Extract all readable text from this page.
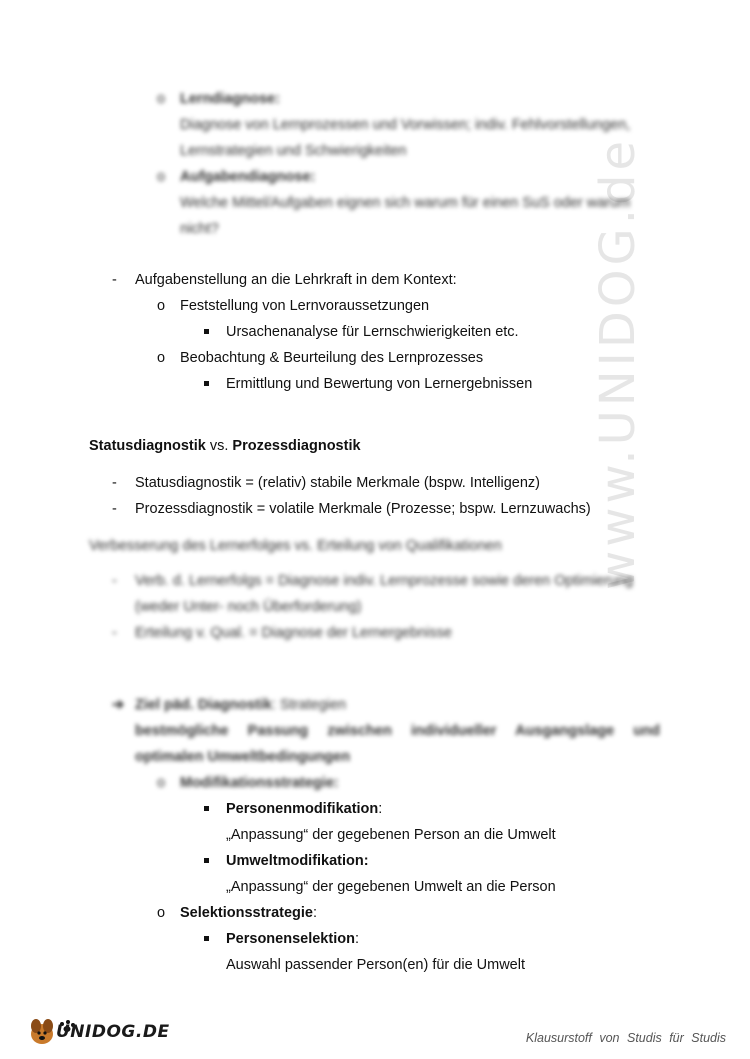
www.UNIDOG.de
o Lerndiagnose:
Diagnose von Lernprozessen und Vorwissen; indiv. Fehlvorstellungen,
Lernstrategien und Schwierigkeiten
o Aufgabendiagnose:
Welche Mittel/Aufgaben eignen sich warum für einen SuS oder warum
nicht?
- Aufgabenstellung an die Lehrkraft in dem Kontext:
o Feststellung von Lernvoraussetzungen
Ursachenanalyse für Lernschwierigkeiten etc.
o Beobachtung & Beurteilung des Lernprozesses
Ermittlung und Bewertung von Lernergebnissen
Statusdiagnostik vs. Prozessdiagnostik
- Statusdiagnostik = (relativ) stabile Merkmale (bspw. Intelligenz)
- Prozessdiagnostik = volatile Merkmale (Prozesse; bspw. Lernzuwachs)
Verbesserung des Lernerfolges vs. Erteilung von Qualifikationen
- Verb. d. Lernerfolgs = Diagnose indiv. Lernprozesse sowie deren Optimierung
(weder Unter- noch Überforderung)
- Erteilung v. Qual. = Diagnose der Lernergebnisse
➔ Ziel päd. Diagnostik: Strategien
bestmögliche Passung zwischen individueller Ausgangslage und
optimalen Umweltbedingungen
o Modifikationsstrategie:
Personenmodifikation:
„Anpassung“ der gegebenen Person an die Umwelt
Umweltmodifikation:
„Anpassung“ der gegebenen Umwelt an die Person
o Selektionsstrategie:
Personenselektion:
Auswahl passender Person(en) für die Umwelt
UNIDOG.DE	Klausurstoff von Studis für Studis
